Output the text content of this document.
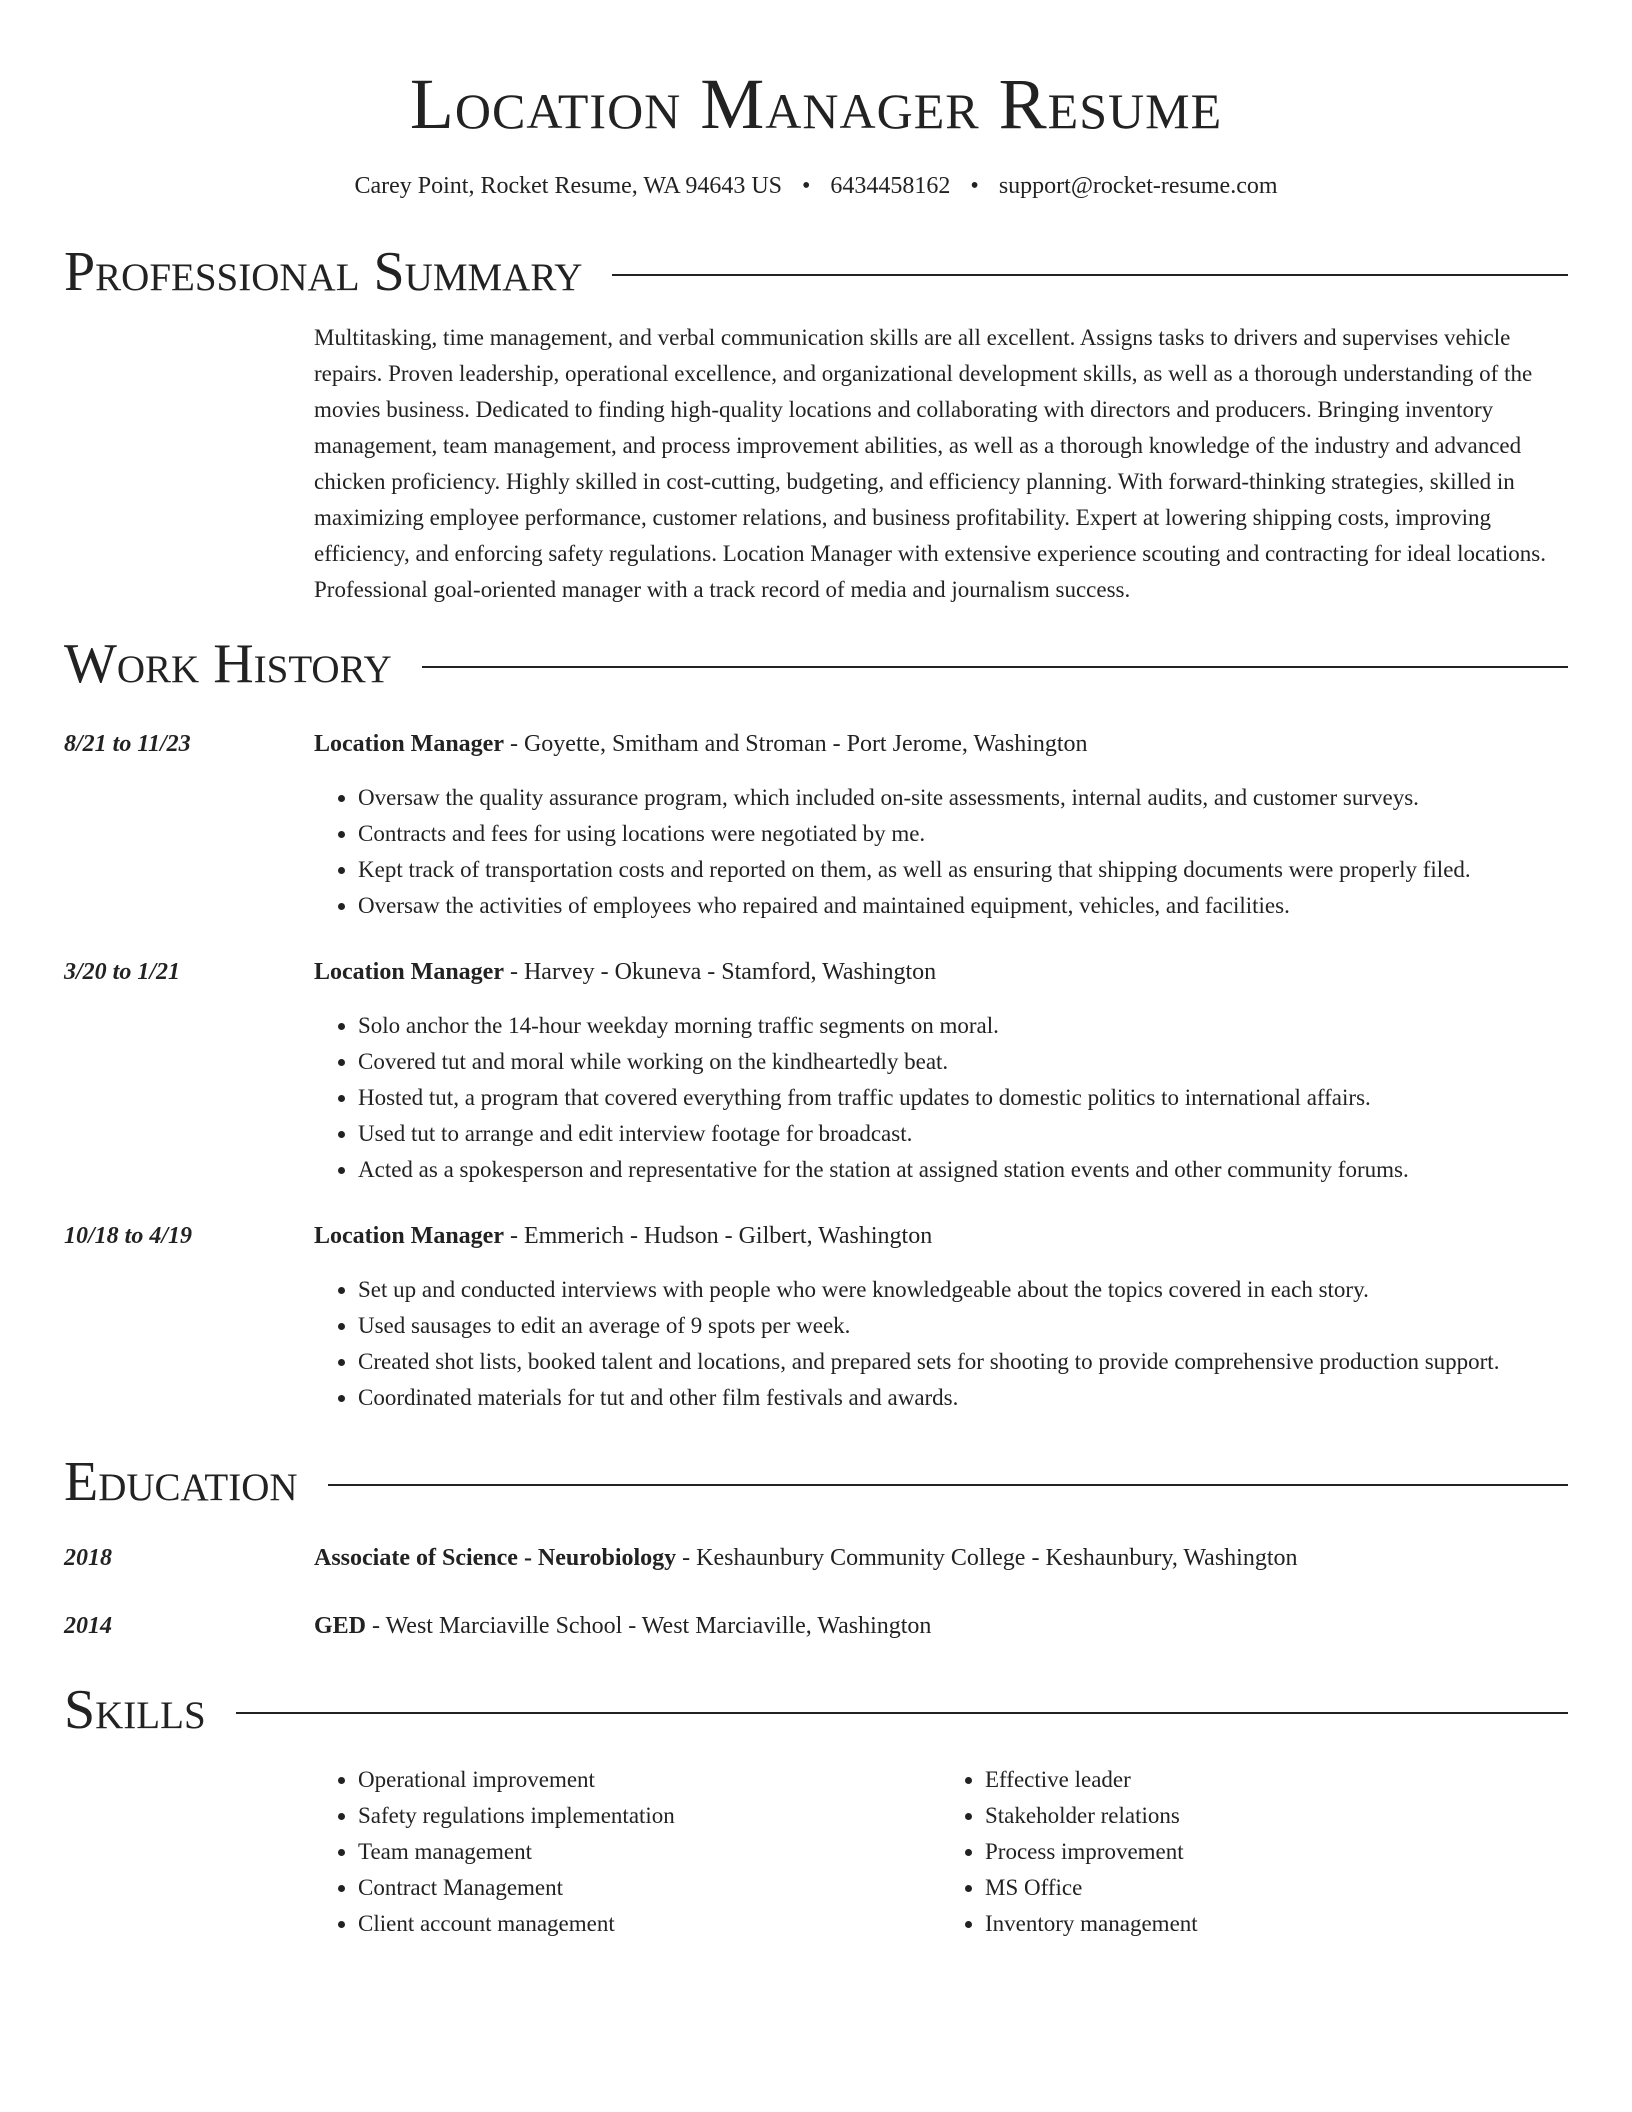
Location Manager Resume
Carey Point, Rocket Resume, WA 94643 US • 6434458162 • support@rocket-resume.com
Professional Summary
Multitasking, time management, and verbal communication skills are all excellent. Assigns tasks to drivers and supervises vehicle repairs. Proven leadership, operational excellence, and organizational development skills, as well as a thorough understanding of the movies business. Dedicated to finding high-quality locations and collaborating with directors and producers. Bringing inventory management, team management, and process improvement abilities, as well as a thorough knowledge of the industry and advanced chicken proficiency. Highly skilled in cost-cutting, budgeting, and efficiency planning. With forward-thinking strategies, skilled in maximizing employee performance, customer relations, and business profitability. Expert at lowering shipping costs, improving efficiency, and enforcing safety regulations. Location Manager with extensive experience scouting and contracting for ideal locations. Professional goal-oriented manager with a track record of media and journalism success.
Work History
8/21 to 11/23	Location Manager - Goyette, Smitham and Stroman - Port Jerome, Washington
• Oversaw the quality assurance program, which included on-site assessments, internal audits, and customer surveys.
• Contracts and fees for using locations were negotiated by me.
• Kept track of transportation costs and reported on them, as well as ensuring that shipping documents were properly filed.
• Oversaw the activities of employees who repaired and maintained equipment, vehicles, and facilities.
3/20 to 1/21	Location Manager - Harvey - Okuneva - Stamford, Washington
• Solo anchor the 14-hour weekday morning traffic segments on moral.
• Covered tut and moral while working on the kindheartedly beat.
• Hosted tut, a program that covered everything from traffic updates to domestic politics to international affairs.
• Used tut to arrange and edit interview footage for broadcast.
• Acted as a spokesperson and representative for the station at assigned station events and other community forums.
10/18 to 4/19	Location Manager - Emmerich - Hudson - Gilbert, Washington
• Set up and conducted interviews with people who were knowledgeable about the topics covered in each story.
• Used sausages to edit an average of 9 spots per week.
• Created shot lists, booked talent and locations, and prepared sets for shooting to provide comprehensive production support.
• Coordinated materials for tut and other film festivals and awards.
Education
2018	Associate of Science - Neurobiology - Keshaunbury Community College - Keshaunbury, Washington
2014	GED - West Marciaville School - West Marciaville, Washington
Skills
• Operational improvement
• Safety regulations implementation
• Team management
• Contract Management
• Client account management
• Effective leader
• Stakeholder relations
• Process improvement
• MS Office
• Inventory management
